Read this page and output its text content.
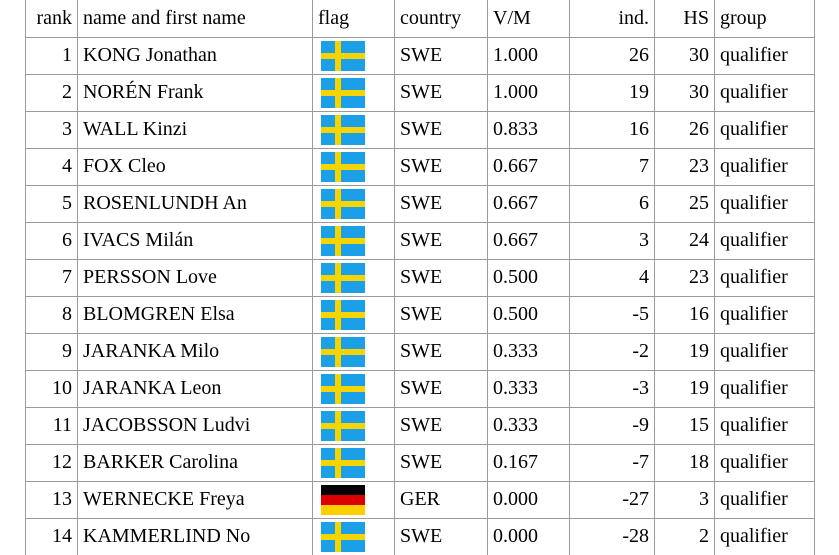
rank	name and first name	flag	country	V/M	ind.	HS	group
1	KONG Jonathan		SWE	1.000	26	30	qualifier
2	NORÉN Frank		SWE	1.000	19	30	qualifier
3	WALL Kinzi		SWE	0.833	16	26	qualifier
4	FOX Cleo		SWE	0.667	7	23	qualifier
5	ROSENLUNDH An		SWE	0.667	6	25	qualifier
6	IVACS Milán		SWE	0.667	3	24	qualifier
7	PERSSON Love		SWE	0.500	4	23	qualifier
8	BLOMGREN Elsa		SWE	0.500	-5	16	qualifier
9	JARANKA Milo		SWE	0.333	-2	19	qualifier
10	JARANKA Leon		SWE	0.333	-3	19	qualifier
11	JACOBSSON Ludvi		SWE	0.333	-9	15	qualifier
12	BARKER Carolina		SWE	0.167	-7	18	qualifier
13	WERNECKE Freya		GER	0.000	-27	3	qualifier
14	KAMMERLIND No		SWE	0.000	-28	2	qualifier
